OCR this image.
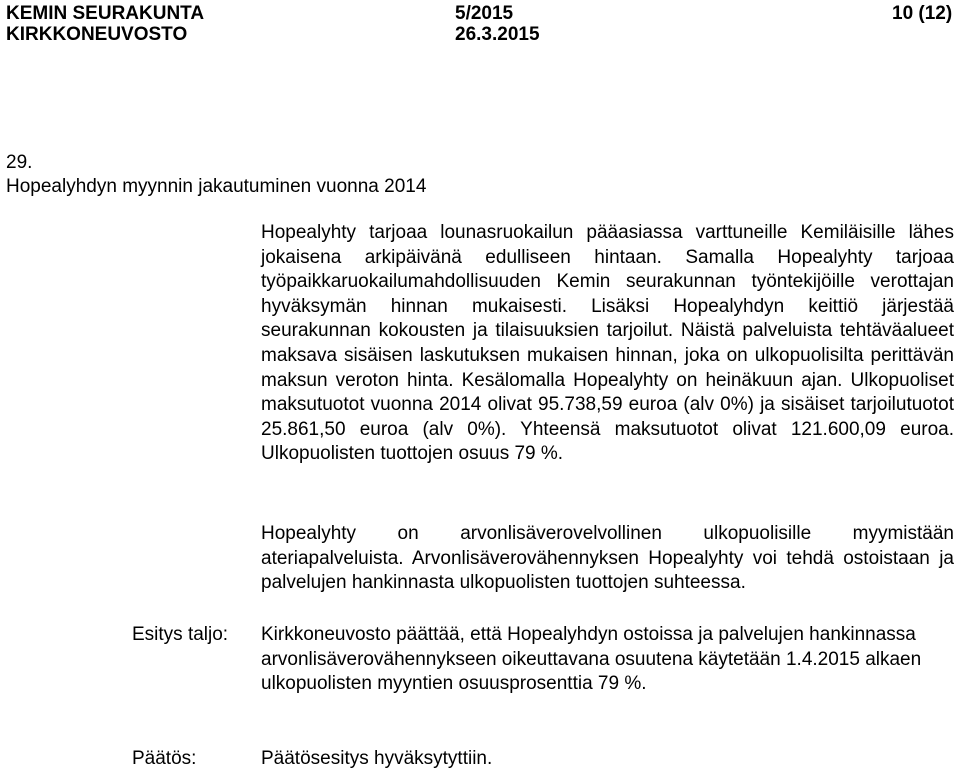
KEMIN SEURAKUNTA	5/2015	10 (12)
KIRKKONEUVOSTO	26.3.2015
29.
Hopealyhdyn myynnin jakautuminen vuonna 2014

Hopealyhty tarjoaa lounasruokailun pääasiassa varttuneille Kemiläisille lähes jokaisena arkipäivänä edulliseen hintaan. Samalla Hopealyhty tarjoaa työpaikkaruokailumahdollisuuden Kemin seurakunnan työntekijöille verottajan hyväksymän hinnan mukaisesti. Lisäksi Hopealyhdyn keittiö järjestää seurakunnan kokousten ja tilaisuuksien tarjoilut. Näistä palveluista tehtäväalueet maksava sisäisen laskutuksen mukaisen hinnan, joka on ulkopuolisilta perittävän maksun veroton hinta. Kesälomalla Hopealyhty on heinäkuun ajan. Ulkopuoliset maksutuotot vuonna 2014 olivat 95.738,59 euroa (alv 0%) ja sisäiset tarjoilutuotot 25.861,50 euroa (alv 0%). Yhteensä maksutuotot olivat 121.600,09 euroa. Ulkopuolisten tuottojen osuus 79 %.

Hopealyhty on arvonlisäverovelvollinen ulkopuolisille myymistään ateriapalveluista. Arvonlisäverovähennyksen Hopealyhty voi tehdä ostoistaan ja palvelujen hankinnasta ulkopuolisten tuottojen suhteessa.

Esitys taljo: Kirkkoneuvosto päättää, että Hopealyhdyn ostoissa ja palvelujen hankinnassa arvonlisäverovähennykseen oikeuttavana osuutena käytetään 1.4.2015 alkaen ulkopuolisten myyntien osuusprosenttia 79 %.

Päätös:	Päätösesitys hyväksytyttiin.
